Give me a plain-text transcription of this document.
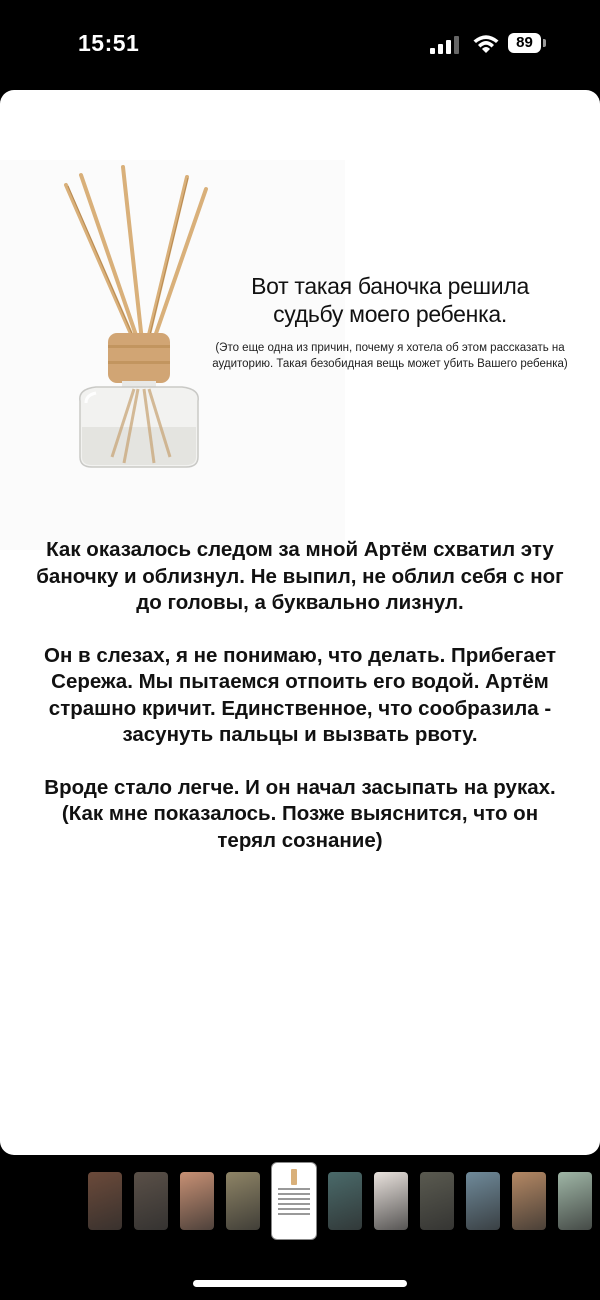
15:51	89
Вот такая баночка решила
судьбу моего ребенка.
(Это еще одна из причин, почему я хотела об этом рассказать на аудиторию. Такая безобидная вещь может убить Вашего ребенка)

Как оказалось следом за мной Артём схватил эту баночку и облизнул. Не выпил, не облил себя с ног до головы, а буквально лизнул.

Он в слезах, я не понимаю, что делать. Прибегает Сережа. Мы пытаемся отпоить его водой. Артём страшно кричит. Единственное, что сообразила - засунуть пальцы и вызвать рвоту.

Вроде стало легче. И он начал засыпать на руках. (Как мне показалось. Позже выяснится, что он терял сознание)
